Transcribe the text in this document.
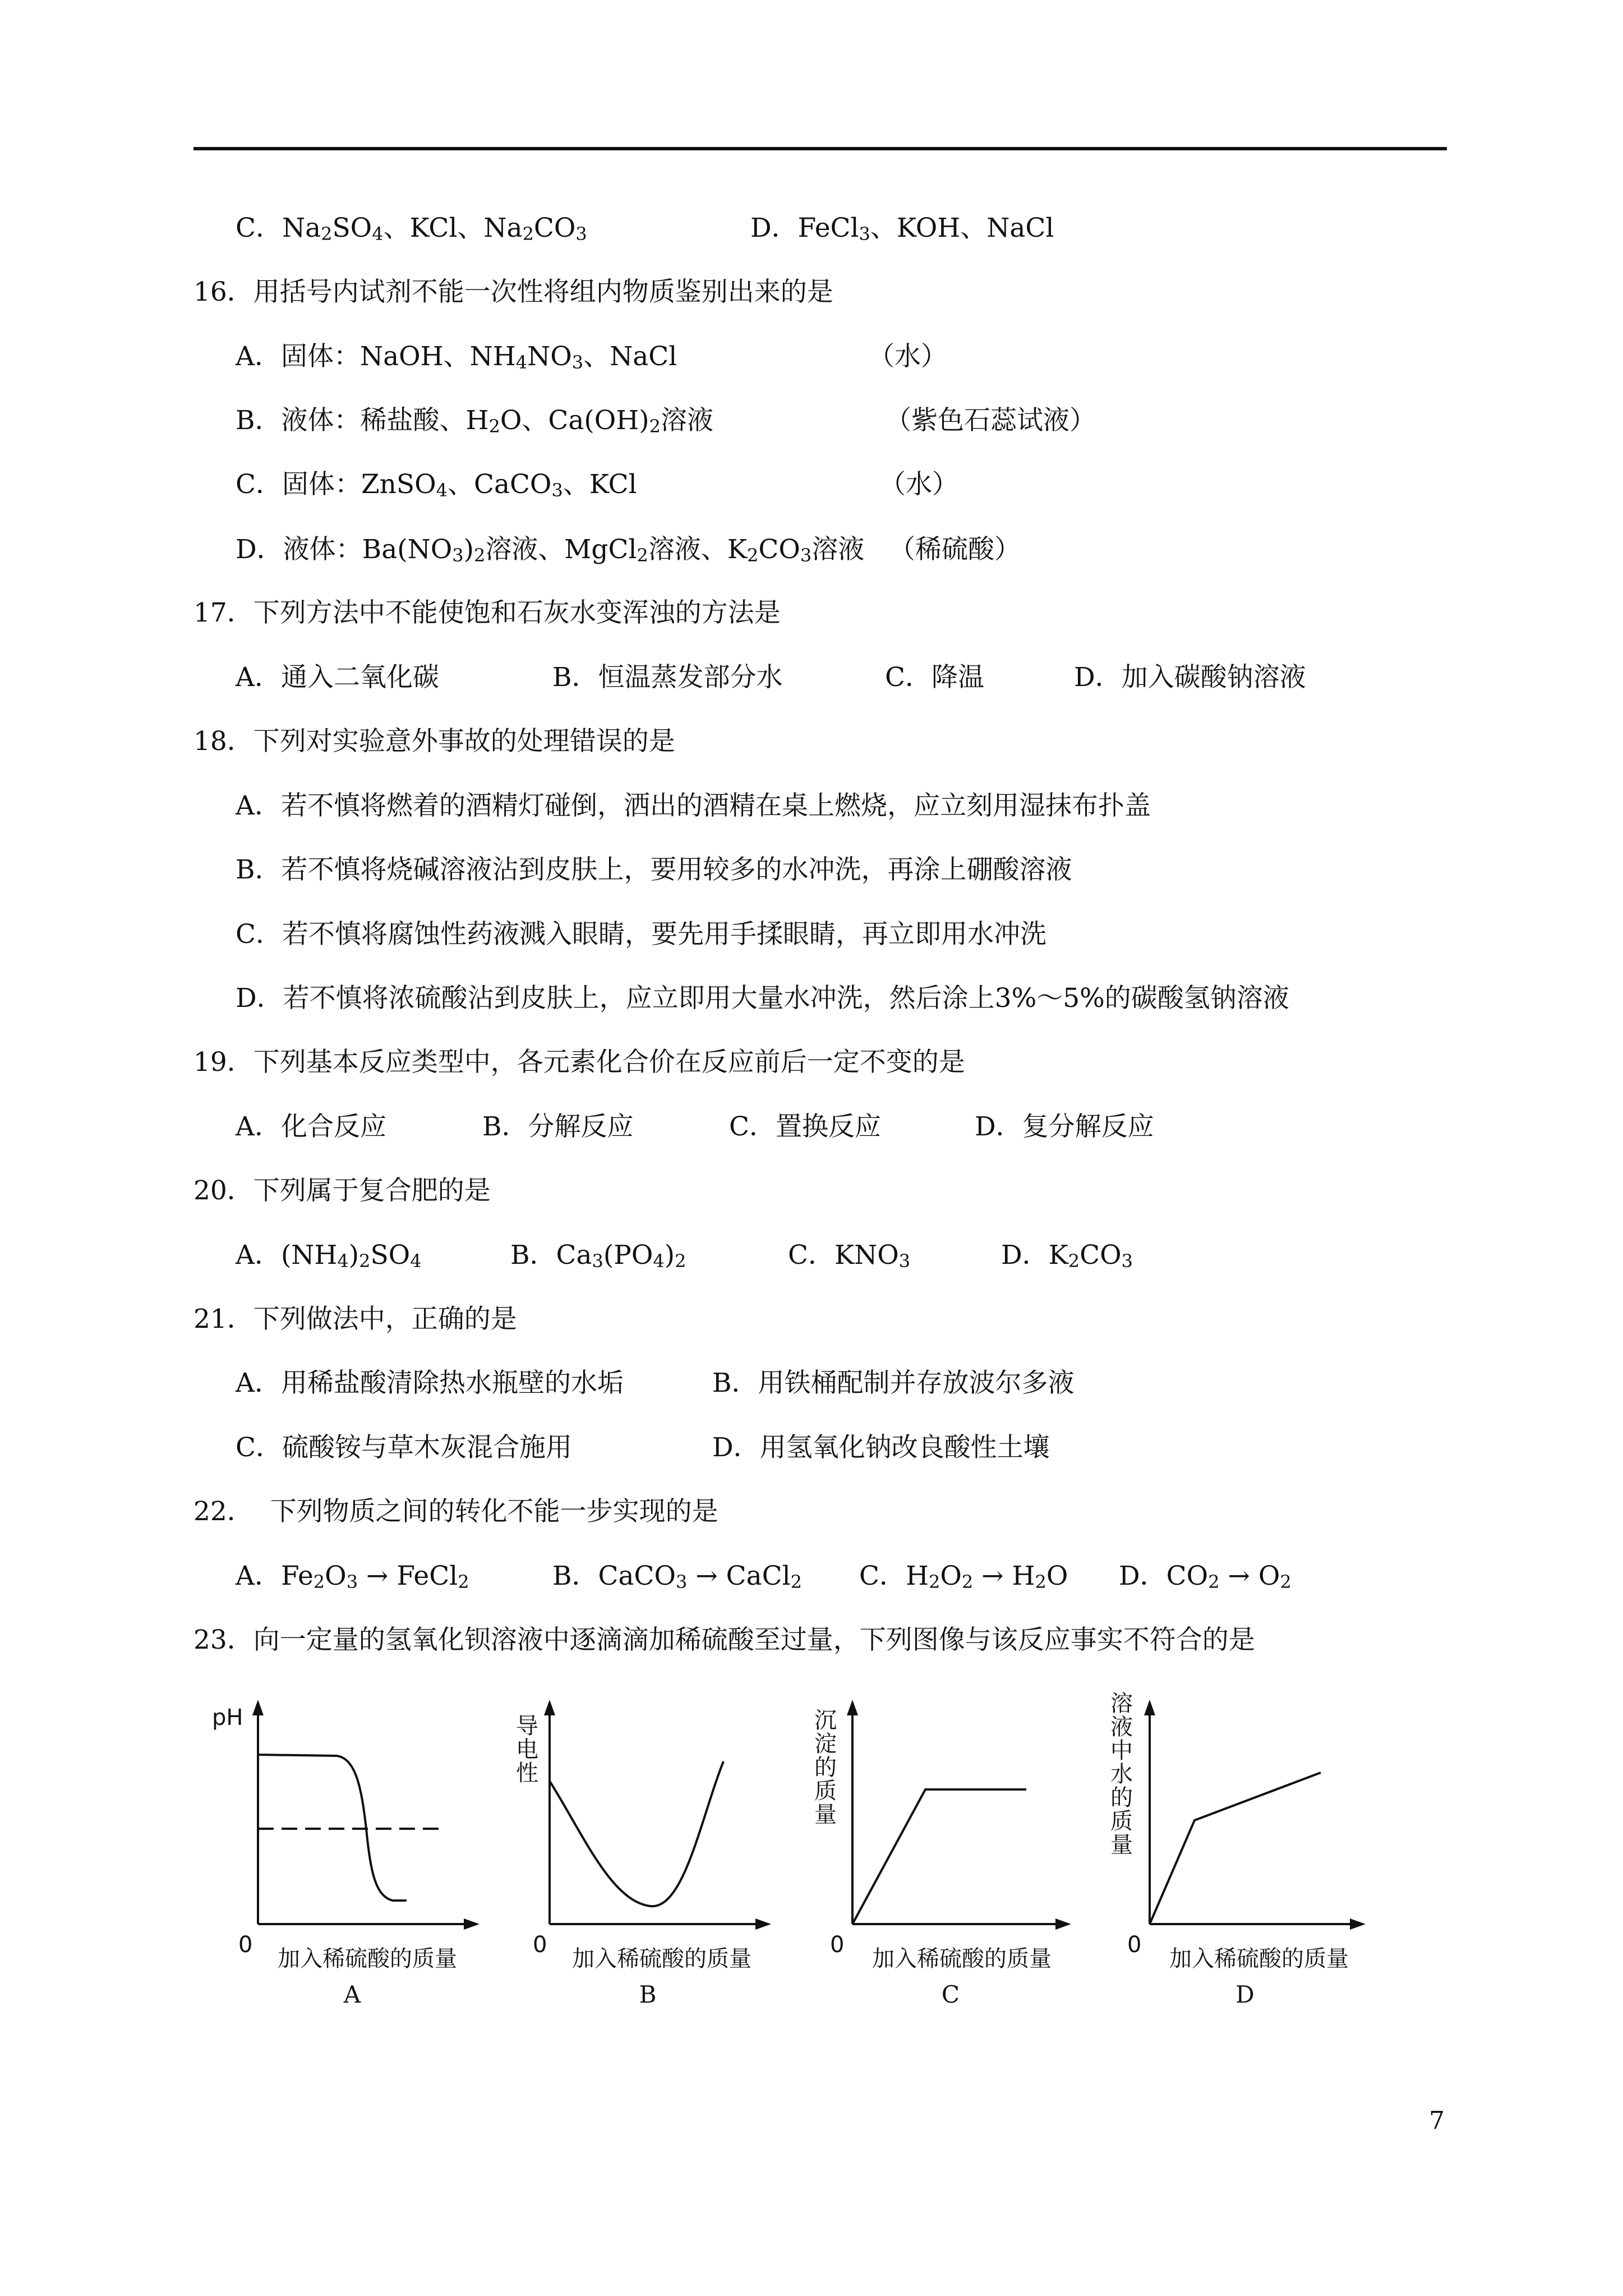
C．$Na_2SO_4$、KCl、$Na_2CO_3$	D．FeCl$_3$、KOH、NaCl
16．用括号内试剂不能一次性将组内物质鉴别出来的是
A．固体：NaOH、$NH_4NO_3$、NaCl	（水）
B．液体：稀盐酸、$H_2O$、$Ca(OH)_2$溶液	（紫色石蕊试液）
C．固体：ZnSO$_4$、CaCO$_3$、KCl	（水）
D．液体：$Ba(NO_3)_2$溶液、MgCl$_2$溶液、$K_2CO_3$溶液 （稀硫酸）
17．下列方法中不能使饱和石灰水变浑浊的方法是
A．通入二氧化碳	B．恒温蒸发部分水	C．降温	D．加入碳酸钠溶液
18．下列对实验意外事故的处理错误的是
A．若不慎将燃着的酒精灯碰倒，洒出的酒精在桌上燃烧，应立刻用湿抹布扑盖
B．若不慎将烧碱溶液沾到皮肤上，要用较多的水冲洗，再涂上硼酸溶液
C．若不慎将腐蚀性药液溅入眼睛，要先用手揉眼睛，再立即用水冲洗
D．若不慎将浓硫酸沾到皮肤上，应立即用大量水冲洗，然后涂上3%～5%的碳酸氢钠溶液
19．下列基本反应类型中，各元素化合价在反应前后一定不变的是
A．化合反应	B．分解反应	C．置换反应	D．复分解反应
20．下列属于复合肥的是
A．$(NH_4)_2SO_4$	B．$Ca_3(PO_4)_2$	C．$KNO_3$	D．$K_2CO_3$
21．下列做法中，正确的是
A．用稀盐酸清除热水瓶壁的水垢	B．用铁桶配制并存放波尔多液
C．硫酸铵与草木灰混合施用	D．用氢氧化钠改良酸性土壤
22．  下列物质之间的转化不能一步实现的是
A．$Fe_2O_3$ → FeCl$_2$	B．CaCO$_3$ → CaCl$_2$ C．$H_2O_2 \to H_2O$ D．$CO_2 \to O_2$
23．向一定量的氢氧化钡溶液中逐滴滴加稀硫酸至过量，下列图像与该反应事实不符合的是
pH
0
加入稀硫酸的质量
A
导
电
性
0
加入稀硫酸的质量
B
沉
淀
的
质
量
0
加入稀硫酸的质量
C
溶
液
中
水
的
质
量
0
加入稀硫酸的质量
D
7
